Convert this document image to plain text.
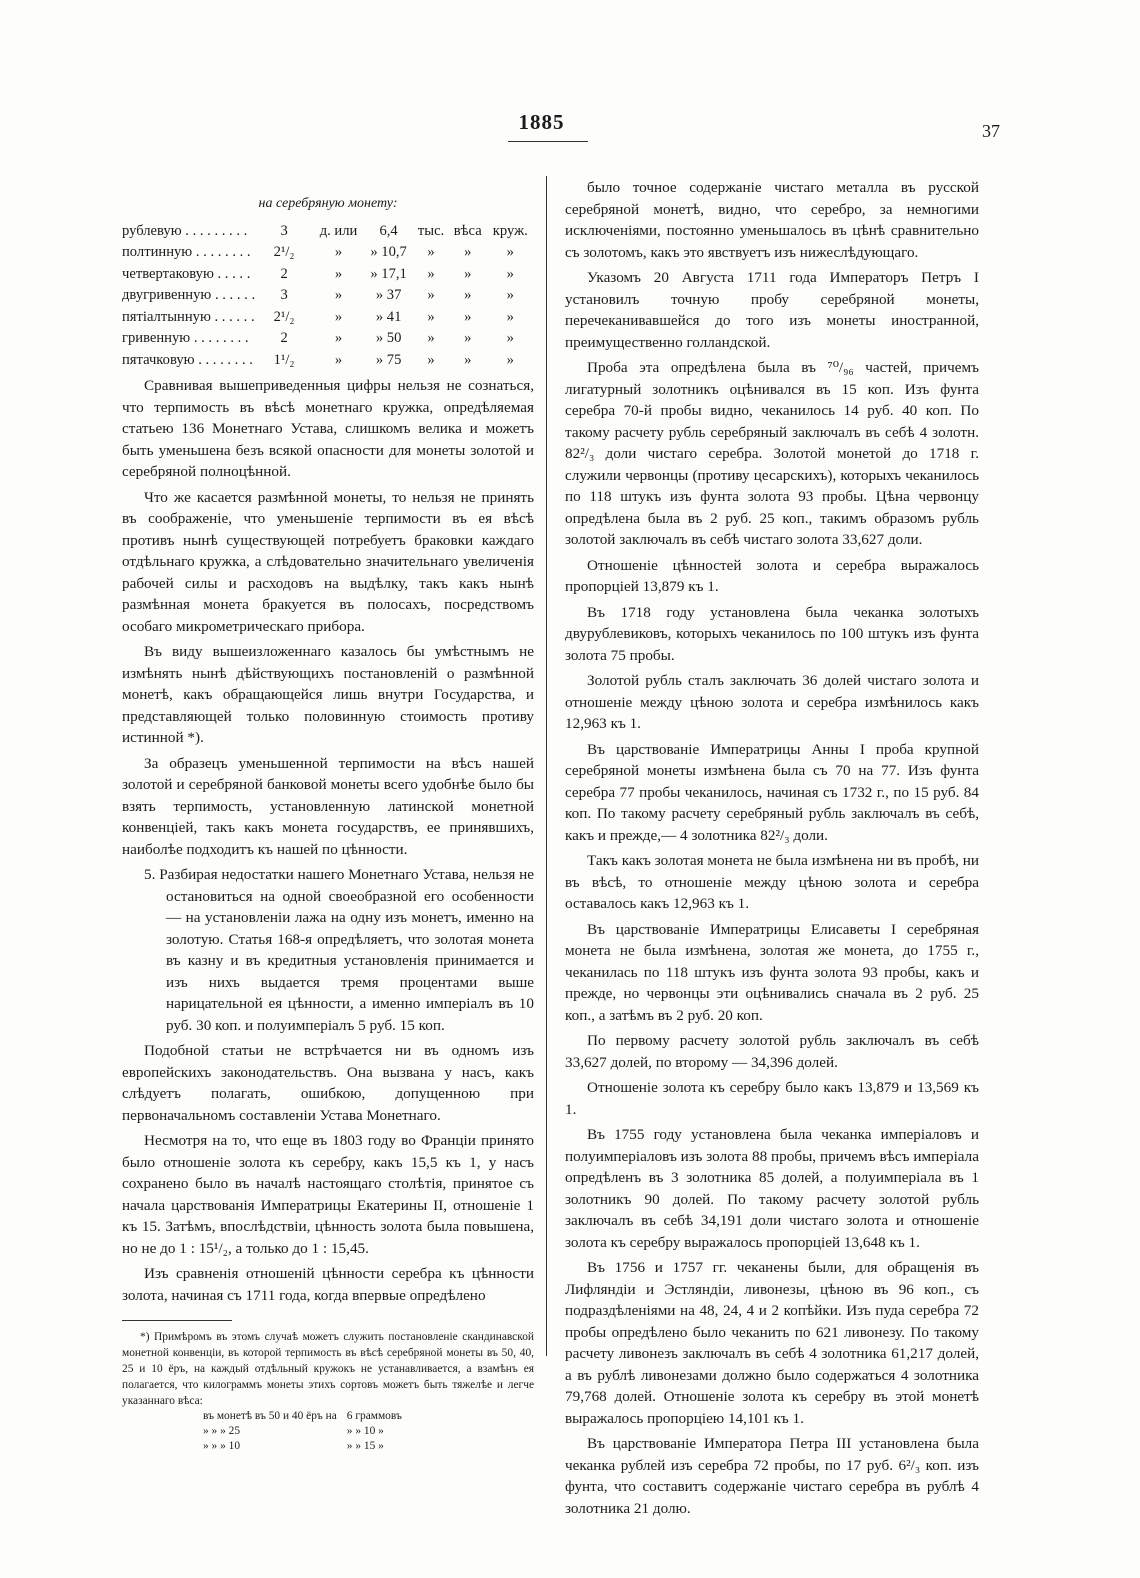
1885	37
на серебряную монету:
рублевую . . . . . . . . .	3	д. или	6,4	тыс.	вѣса	круж.
полтинную . . . . . . . .	2¹/₂	»	» 10,7	»	»	»
четвертаковую . . . . .	2	»	» 17,1	»	»	»
двугривенную . . . . . .	3	»	» 37	»	»	»
пятіалтынную . . . . . .	2¹/₂	»	» 41	»	»	»
гривенную . . . . . . . .	2	»	» 50	»	»	»
пятачковую . . . . . . . .	1¹/₂	»	» 75	»	»	»

Сравнивая вышеприведенныя цифры нельзя не сознаться, что терпимость въ вѣсѣ монетнаго кружка, опредѣляемая статьею 136 Монетнаго Устава, слишкомъ велика и можетъ быть уменьшена безъ всякой опасности для монеты золотой и серебряной полноцѣнной.

Что же касается размѣнной монеты, то нельзя не принять въ соображеніе, что уменьшеніе терпимости въ ея вѣсѣ противъ нынѣ существующей потребуетъ браковки каждаго отдѣльнаго кружка, а слѣдовательно значительнаго увеличенія рабочей силы и расходовъ на выдѣлку, такъ какъ нынѣ размѣнная монета бракуется въ полосахъ, посредствомъ особаго микрометрическаго прибора.

Въ виду вышеизложеннаго казалось бы умѣстнымъ не измѣнять нынѣ дѣйствующихъ постановленій о размѣнной монетѣ, какъ обращающейся лишь внутри Государства, и представляющей только половинную стоимость противу истинной *).

За образецъ уменьшенной терпимости на вѣсъ нашей золотой и серебряной банковой монеты всего удобнѣе было бы взять терпимость, установленную латинской монетной конвенціей, такъ какъ монета государствъ, ее принявшихъ, наиболѣе подходитъ къ нашей по цѣнности.

5. Разбирая недостатки нашего Монетнаго Устава, нельзя не остановиться на одной своеобразной его особенности — на установленіи лажа на одну изъ монетъ, именно на золотую. Статья 168-я опредѣляетъ, что золотая монета въ казну и въ кредитныя установленія принимается и изъ нихъ выдается тремя процентами выше нарицательной ея цѣнности, а именно имперіалъ въ 10 руб. 30 коп. и полуимперіалъ 5 руб. 15 коп.

Подобной статьи не встрѣчается ни въ одномъ изъ европейскихъ законодательствъ. Она вызвана у насъ, какъ слѣдуетъ полагать, ошибкою, допущенною при первоначальномъ составленіи Устава Монетнаго.

Несмотря на то, что еще въ 1803 году во Франціи принято было отношеніе золота къ серебру, какъ 15,5 къ 1, у насъ сохранено было въ началѣ настоящаго столѣтія, принятое съ начала царствованія Императрицы Екатерины II, отношеніе 1 къ 15. Затѣмъ, впослѣдствіи, цѣнность золота была повышена, но не до 1 : 15¹/₂, а только до 1 : 15,45.

Изъ сравненія отношеній цѣнности серебра къ цѣнности золота, начиная съ 1711 года, когда впервые опредѣлено

*) Примѣромъ въ этомъ случаѣ можетъ служить постановленіе скандинавской монетной конвенціи, въ которой терпимость въ вѣсѣ серебряной монеты въ 50, 40, 25 и 10 ёръ, на каждый отдѣльный кружокъ не устанавливается, а взамѣнъ ея полагается, что килограммъ монеты этихъ сортовъ можетъ быть тяжелѣе и легче указаннаго вѣса:

въ монетѣ въ 50 и 40 ёръ на	6 граммовъ
» » » 25	» » 10 »
» » » 10	» » 15 »

было точное содержаніе чистаго металла въ русской серебряной монетѣ, видно, что серебро, за немногими исключеніями, постоянно уменьшалось въ цѣнѣ сравнительно съ золотомъ, какъ это явствуетъ изъ нижеслѣдующаго.

Указомъ 20 Августа 1711 года Императоръ Петръ I установилъ точную пробу серебряной монеты, перечеканивавшейся до того изъ монеты иностранной, преимущественно голландской.

Проба эта опредѣлена была въ ⁷⁰/₉₆ частей, причемъ лигатурный золотникъ оцѣнивался въ 15 коп. Изъ фунта серебра 70-й пробы видно, чеканилось 14 руб. 40 коп. По такому расчету рубль серебряный заключалъ въ себѣ 4 золотн. 82²/₃ доли чистаго серебра. Золотой монетой до 1718 г. служили червонцы (противу цесарскихъ), которыхъ чеканилось по 118 штукъ изъ фунта золота 93 пробы. Цѣна червонцу опредѣлена была въ 2 руб. 25 коп., такимъ образомъ рубль золотой заключалъ въ себѣ чистаго золота 33,627 доли.

Отношеніе цѣнностей золота и серебра выражалось пропорціей 13,879 къ 1.

Въ 1718 году установлена была чеканка золотыхъ двурублевиковъ, которыхъ чеканилось по 100 штукъ изъ фунта золота 75 пробы.

Золотой рубль сталъ заключать 36 долей чистаго золота и отношеніе между цѣною золота и серебра измѣнилось какъ 12,963 къ 1.

Въ царствованіе Императрицы Анны I проба крупной серебряной монеты измѣнена была съ 70 на 77. Изъ фунта серебра 77 пробы чеканилось, начиная съ 1732 г., по 15 руб. 84 коп. По такому расчету серебряный рубль заключалъ въ себѣ, какъ и прежде,— 4 золотника 82²/₃ доли.

Такъ какъ золотая монета не была измѣнена ни въ пробѣ, ни въ вѣсѣ, то отношеніе между цѣною золота и серебра оставалось какъ 12,963 къ 1.

Въ царствованіе Императрицы Елисаветы I серебряная монета не была измѣнена, золотая же монета, до 1755 г., чеканилась по 118 штукъ изъ фунта золота 93 пробы, какъ и прежде, но червонцы эти оцѣнивались сначала въ 2 руб. 25 коп., а затѣмъ въ 2 руб. 20 коп.

По первому расчету золотой рубль заключалъ въ себѣ 33,627 долей, по второму — 34,396 долей.

Отношеніе золота къ серебру было какъ 13,879 и 13,569 къ 1.

Въ 1755 году установлена была чеканка имперіаловъ и полуимперіаловъ изъ золота 88 пробы, причемъ вѣсъ имперіала опредѣленъ въ 3 золотника 85 долей, а полуимперіала въ 1 золотникъ 90 долей. По такому расчету золотой рубль заключалъ въ себѣ 34,191 доли чистаго золота и отношеніе золота къ серебру выражалось пропорціей 13,648 къ 1.

Въ 1756 и 1757 гг. чеканены были, для обращенія въ Лифляндіи и Эстляндіи, ливонезы, цѣною въ 96 коп., съ подраздѣленіями на 48, 24, 4 и 2 копѣйки. Изъ пуда серебра 72 пробы опредѣлено было чеканить по 621 ливонезу. По такому расчету ливонезъ заключалъ въ себѣ 4 золотника 61,217 долей, а въ рублѣ ливонезами должно было содержаться 4 золотника 79,768 долей. Отношеніе золота къ серебру въ этой монетѣ выражалось пропорціею 14,101 къ 1.

Въ царствованіе Императора Петра III установлена была чеканка рублей изъ серебра 72 пробы, по 17 руб. 6²/₃ коп. изъ фунта, что составитъ содержаніе чистаго серебра въ рублѣ 4 золотника 21 долю.
